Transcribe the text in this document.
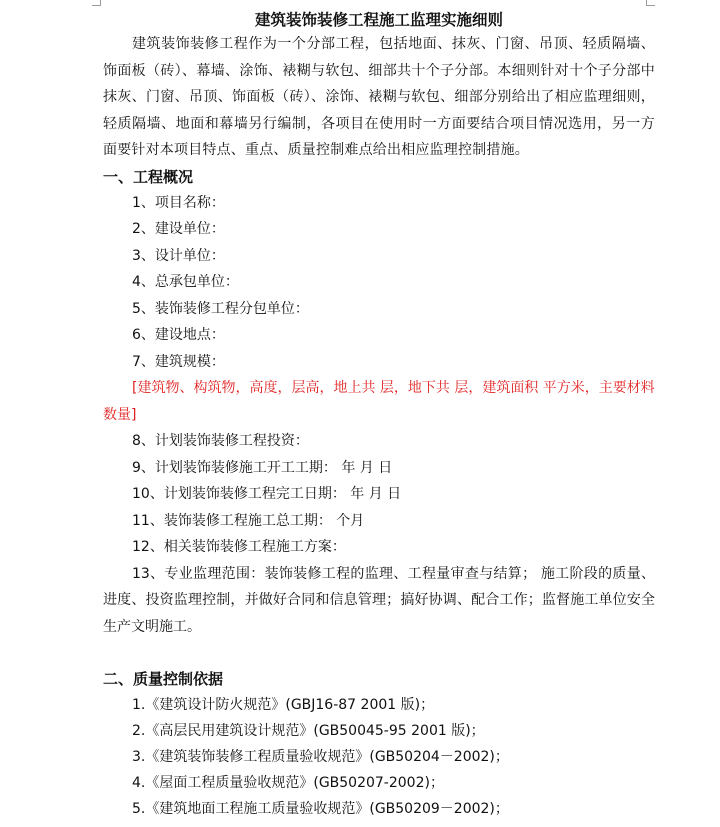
建筑装饰装修工程施工监理实施细则

建筑装饰装修工程作为一个分部工程，包括地面、抹灰、门窗、吊顶、轻质隔墙、饰面板（砖）、幕墙、涂饰、裱糊与软包、细部共十个子分部。本细则针对十个子分部中抹灰、门窗、吊顶、饰面板（砖）、涂饰、裱糊与软包、细部分别给出了相应监理细则，轻质隔墙、地面和幕墙另行编制，各项目在使用时一方面要结合项目情况选用，另一方面要针对本项目特点、重点、质量控制难点给出相应监理控制措施。

一、工程概况

1、项目名称：

2、建设单位：

3、设计单位：

4、总承包单位：

5、装饰装修工程分包单位：

6、建设地点：

7、建筑规模：

[建筑物、构筑物，高度，层高，地上共 层，地下共 层，建筑面积 平方米，主要材料数量]

8、计划装饰装修工程投资：

9、计划装饰装修施工开工工期： 年 月 日

10、计划装饰装修工程完工日期： 年 月 日

11、装饰装修工程施工总工期： 个月

12、相关装饰装修工程施工方案：

13、专业监理范围：装饰装修工程的监理、工程量审查与结算； 施工阶段的质量、进度、投资监理控制，并做好合同和信息管理；搞好协调、配合工作；监督施工单位安全生产文明施工。

二、质量控制依据

1.《建筑设计防火规范》(GBJ16-87 2001 版)；

2.《高层民用建筑设计规范》(GB50045-95 2001 版)；

3.《建筑装饰装修工程质量验收规范》(GB50204－2002)；

4.《屋面工程质量验收规范》(GB50207-2002)；

5.《建筑地面工程施工质量验收规范》(GB50209－2002)；
